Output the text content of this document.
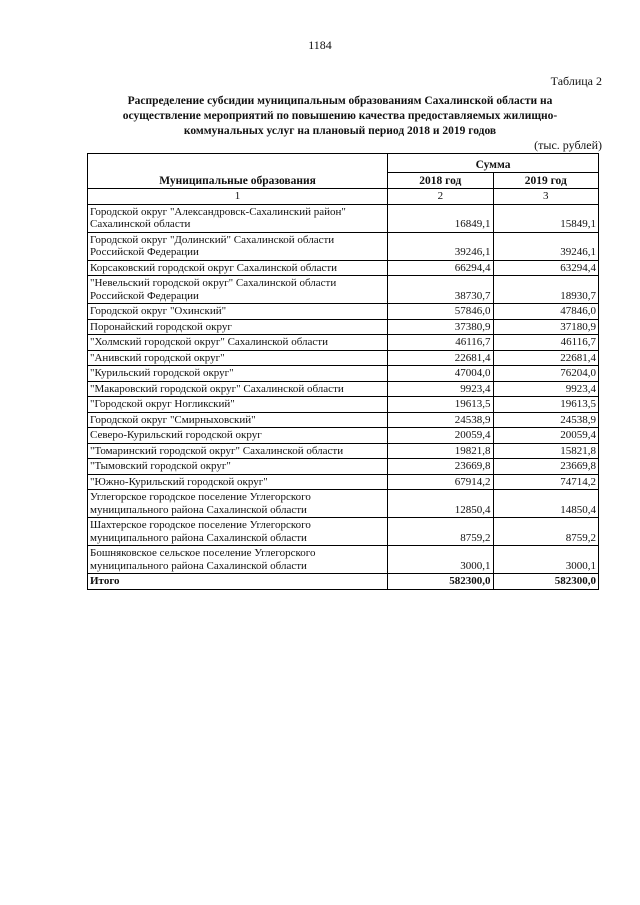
1184
Таблица 2

Распределение субсидии муниципальным образованиям Сахалинской области на осуществление мероприятий по повышению качества предоставляемых жилищно-коммунальных услуг на плановый период 2018 и 2019 годов

(тыс. рублей)
Муниципальные образования	Сумма	
	2018 год	2019 год
1	2	3
Городской округ "Александровск-Сахалинский район" Сахалинской области	16849,1	15849,1
Городской округ "Долинский" Сахалинской области Российской Федерации	39246,1	39246,1
Корсаковский городской округ Сахалинской области	66294,4	63294,4
"Невельский городской округ" Сахалинской области Российской Федерации	38730,7	18930,7
Городской округ "Охинский"	57846,0	47846,0
Поронайский городской округ	37380,9	37180,9
"Холмский городской округ" Сахалинской области	46116,7	46116,7
"Анивский городской округ"	22681,4	22681,4
"Курильский городской округ"	47004,0	76204,0
"Макаровский городской округ" Сахалинской области	9923,4	9923,4
"Городской округ Ногликский"	19613,5	19613,5
Городской округ "Смирныховский"	24538,9	24538,9
Северо-Курильский городской округ	20059,4	20059,4
"Томаринский городской округ" Сахалинской области	19821,8	15821,8
"Тымовский городской округ"	23669,8	23669,8
"Южно-Курильский городской округ"	67914,2	74714,2
Углегорское городское поселение Углегорского муниципального района Сахалинской области	12850,4	14850,4
Шахтерское городское поселение Углегорского муниципального района Сахалинской области	8759,2	8759,2
Бошняковское сельское поселение Углегорского муниципального района Сахалинской области	3000,1	3000,1
Итого	582300,0	582300,0
